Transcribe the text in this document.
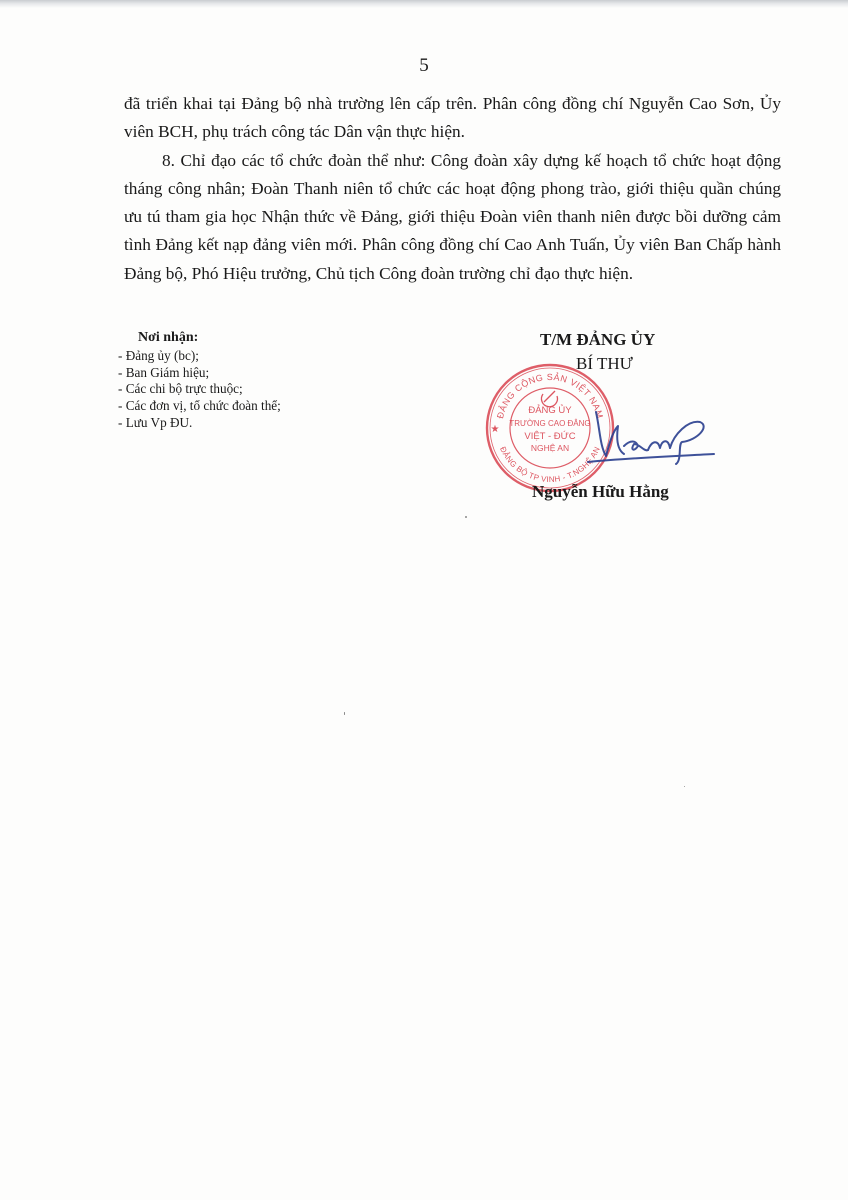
5

đã triển khai tại Đảng bộ nhà trường lên cấp trên. Phân công đồng chí Nguyễn Cao Sơn, Ủy viên BCH, phụ trách công tác Dân vận thực hiện.

8. Chỉ đạo các tổ chức đoàn thể như: Công đoàn xây dựng kế hoạch tổ chức hoạt động tháng công nhân; Đoàn Thanh niên tổ chức các hoạt động phong trào, giới thiệu quần chúng ưu tú tham gia học Nhận thức về Đảng, giới thiệu Đoàn viên thanh niên được bồi dưỡng cảm tình Đảng kết nạp đảng viên mới. Phân công đồng chí Cao Anh Tuấn, Ủy viên Ban Chấp hành Đảng bộ, Phó Hiệu trưởng, Chủ tịch Công đoàn trường chỉ đạo thực hiện.

Nơi nhận:
- Đảng ủy (bc);
- Ban Giám hiệu;
- Các chi bộ trực thuộc;
- Các đơn vị, tổ chức đoàn thể;
- Lưu Vp ĐU.
ĐẢNG CỘNG SẢN VIỆT NAM
ĐẢNG BỘ TP VINH - T.NGHỆ AN
ĐẢNG ỦY
TRƯỜNG CAO ĐẲNG
VIỆT - ĐỨC
NGHỆ AN
★
T/M ĐẢNG ỦY
BÍ THƯ
Nguyễn Hữu Hằng
